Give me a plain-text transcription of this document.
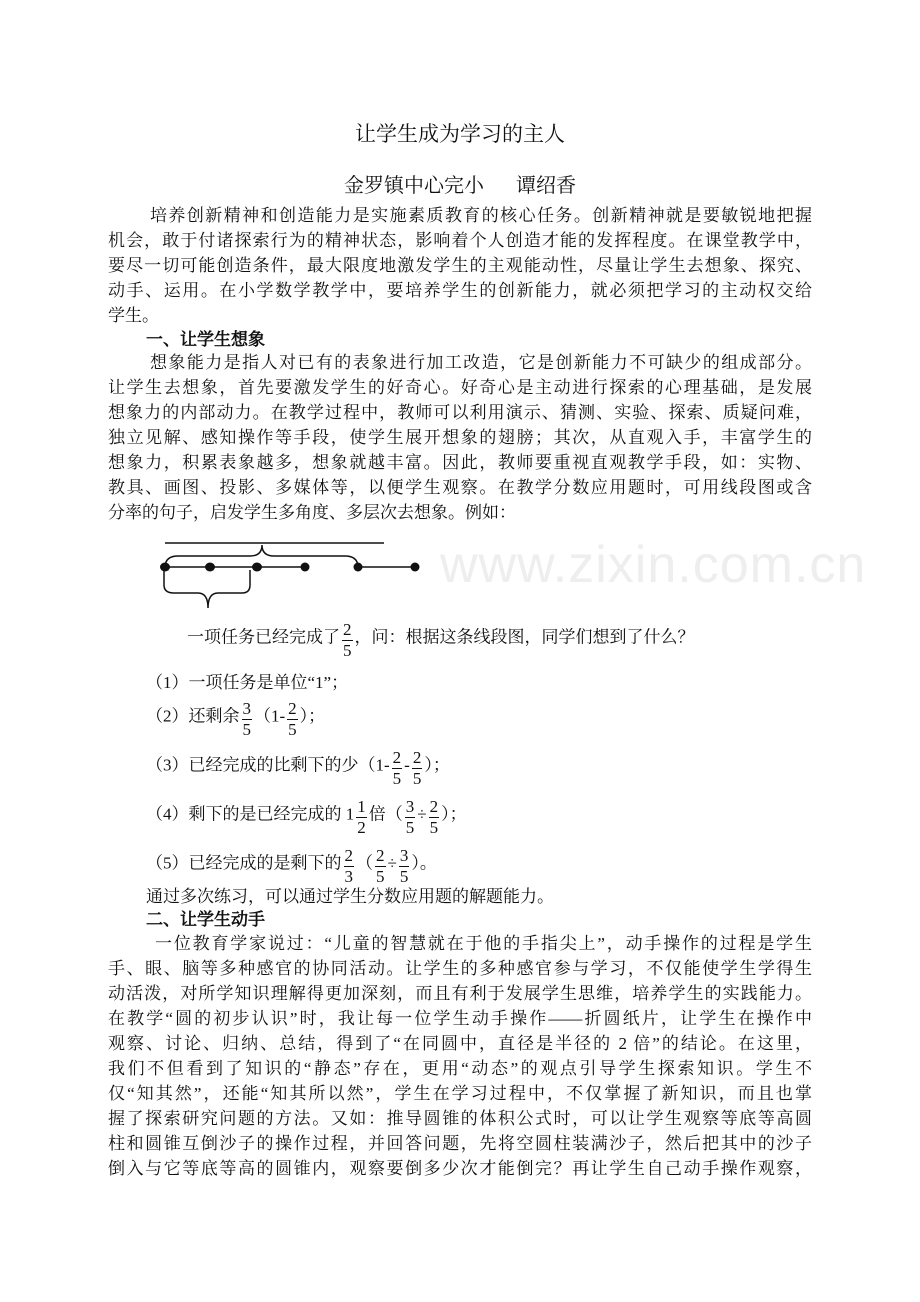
www.zixin.com.cn
让学生成为学习的主人
金罗镇中心完小 谭绍香
培养创新精神和创造能力是实施素质教育的核心任务。创新精神就是要敏锐地把握
机会，敢于付诸探索行为的精神状态，影响着个人创造才能的发挥程度。在课堂教学中，
要尽一切可能创造条件，最大限度地激发学生的主观能动性，尽量让学生去想象、探究、
动手、运用。在小学数学教学中，要培养学生的创新能力，就必须把学习的主动权交给
学生。
一、让学生想象
想象能力是指人对已有的表象进行加工改造，它是创新能力不可缺少的组成部分。
让学生去想象，首先要激发学生的好奇心。好奇心是主动进行探索的心理基础，是发展
想象力的内部动力。在教学过程中，教师可以利用演示、猜测、实验、探索、质疑问难，
独立见解、感知操作等手段，使学生展开想象的翅膀；其次，从直观入手，丰富学生的
想象力，积累表象越多，想象就越丰富。因此，教师要重视直观教学手段，如：实物、
教具、画图、投影、多媒体等，以便学生观察。在教学分数应用题时，可用线段图或含
分率的句子，启发学生多角度、多层次去想象。例如：
一项任务已经完成了 $\frac{2}{5}$ ，问：根据这条线段图，同学们想到了什么？
（1）一项任务是单位“1”；
（2）还剩余 $\frac{3}{5} (1- \frac{2}{5}$ ）；
（3）已经完成的比剩下的少（$1- \frac{2}{5} - \frac{2}{5}$ ）；
（4）剩下的是已经完成的 $1 \frac{1}{2}$ 倍（ $\frac{3}{5} \div \frac{2}{5}$ ）；
（5）已经完成的是剩下的 $\frac{2}{3}$ （ $\frac{2}{5} \div \frac{3}{5}$ ）。
通过多次练习，可以通过学生分数应用题的解题能力。
二、让学生动手
一位教育学家说过：“儿童的智慧就在于他的手指尖上”，动手操作的过程是学生
手、眼、脑等多种感官的协同活动。让学生的多种感官参与学习，不仅能使学生学得生
动活泼，对所学知识理解得更加深刻，而且有利于发展学生思维，培养学生的实践能力。
在教学“圆的初步认识”时，我让每一位学生动手操作——折圆纸片，让学生在操作中
观察、讨论、归纳、总结，得到了“在同圆中，直径是半径的 2 倍”的结论。在这里，
我们不但看到了知识的“静态”存在，更用“动态”的观点引导学生探索知识。学生不
仅“知其然”，还能“知其所以然”，学生在学习过程中，不仅掌握了新知识，而且也掌
握了探索研究问题的方法。又如：推导圆锥的体积公式时，可以让学生观察等底等高圆
柱和圆锥互倒沙子的操作过程，并回答问题，先将空圆柱装满沙子，然后把其中的沙子
倒入与它等底等高的圆锥内，观察要倒多少次才能倒完？再让学生自己动手操作观察，
